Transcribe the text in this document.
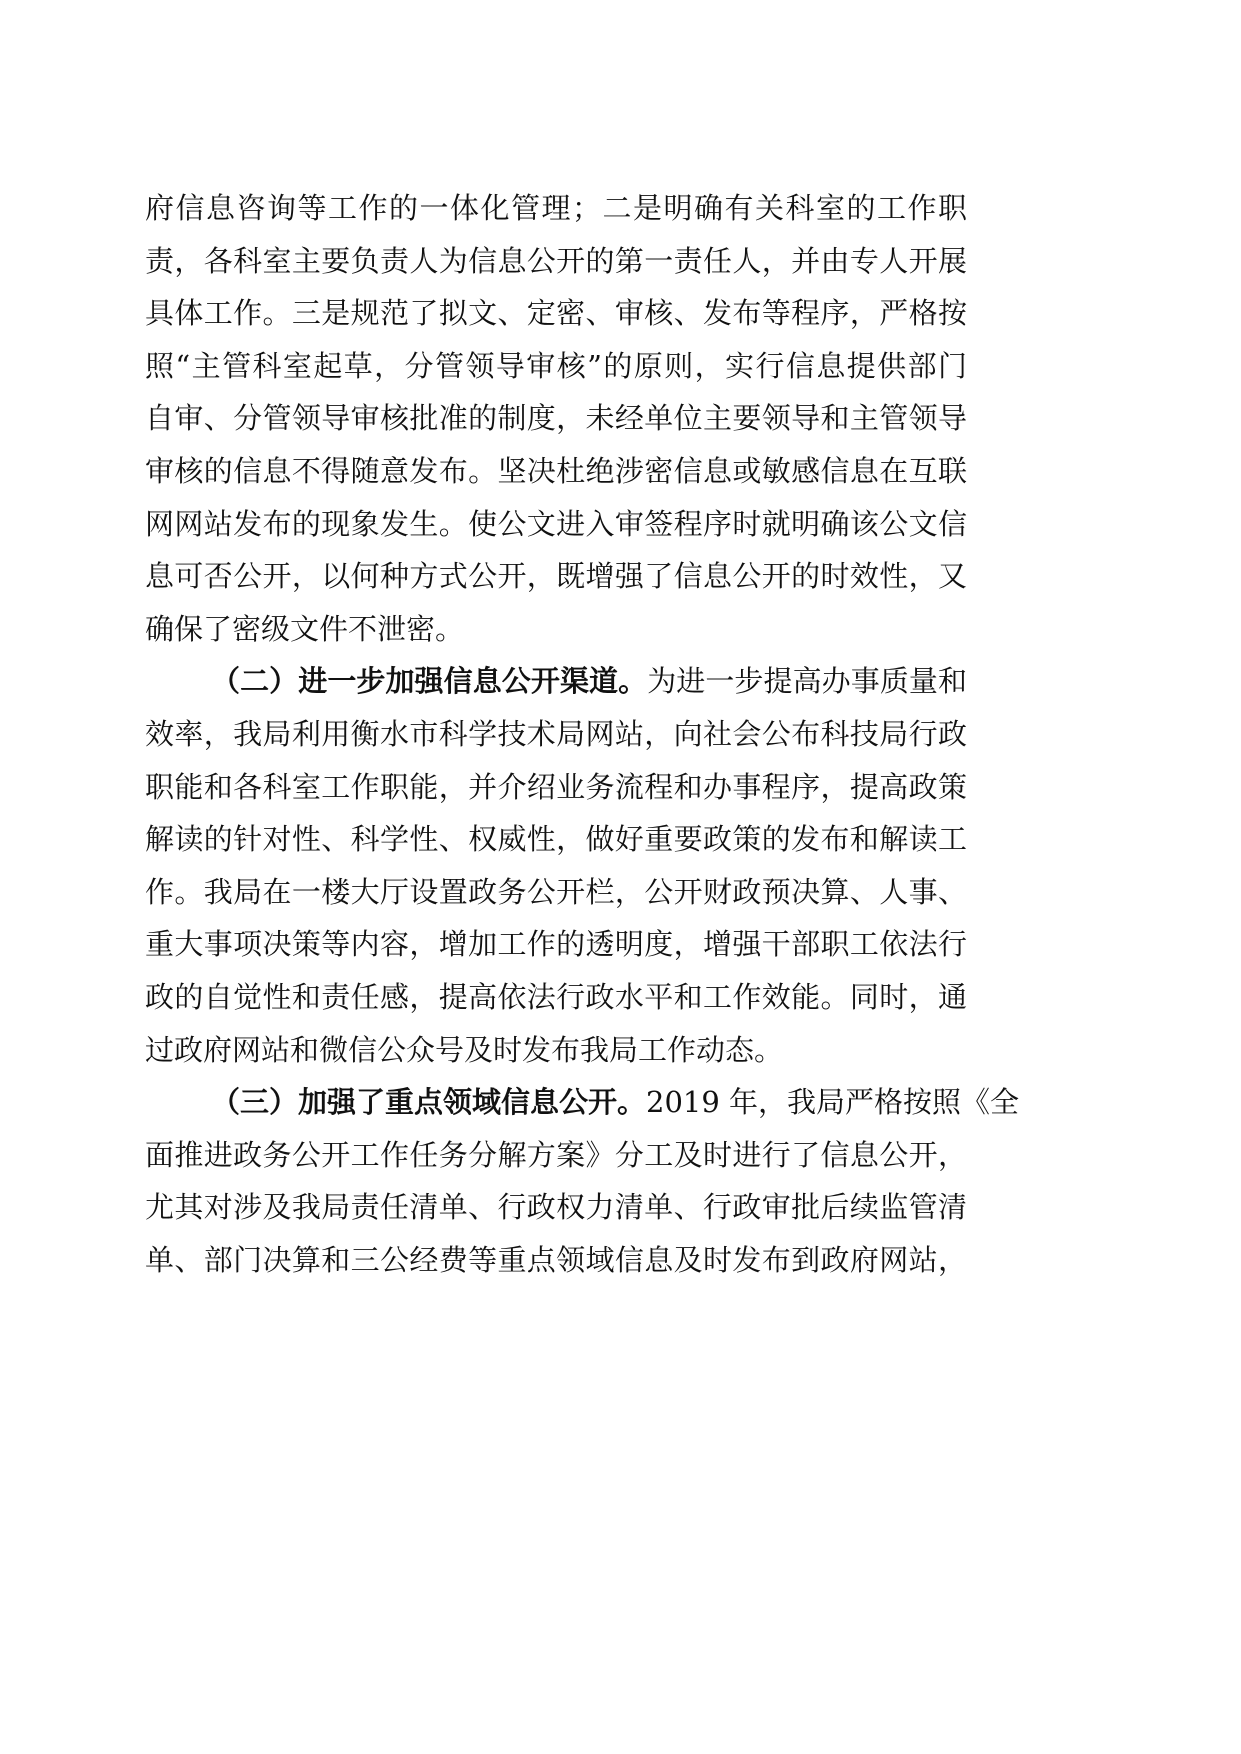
府信息咨询等工作的一体化管理；二是明确有关科室的工作职
责，各科室主要负责人为信息公开的第一责任人，并由专人开展
具体工作。三是规范了拟文、定密、审核、发布等程序，严格按
照“主管科室起草，分管领导审核”的原则，实行信息提供部门
自审、分管领导审核批准的制度，未经单位主要领导和主管领导
审核的信息不得随意发布。坚决杜绝涉密信息或敏感信息在互联
网网站发布的现象发生。使公文进入审签程序时就明确该公文信
息可否公开，以何种方式公开，既增强了信息公开的时效性，又
确保了密级文件不泄密。
（二）进一步加强信息公开渠道。为进一步提高办事质量和
效率，我局利用衡水市科学技术局网站，向社会公布科技局行政
职能和各科室工作职能，并介绍业务流程和办事程序，提高政策
解读的针对性、科学性、权威性，做好重要政策的发布和解读工
作。我局在一楼大厅设置政务公开栏，公开财政预决算、人事、
重大事项决策等内容，增加工作的透明度，增强干部职工依法行
政的自觉性和责任感，提高依法行政水平和工作效能。同时，通
过政府网站和微信公众号及时发布我局工作动态。
（三）加强了重点领域信息公开。2019 年，我局严格按照《全
面推进政务公开工作任务分解方案》分工及时进行了信息公开，
尤其对涉及我局责任清单、行政权力清单、行政审批后续监管清
单、部门决算和三公经费等重点领域信息及时发布到政府网站，
